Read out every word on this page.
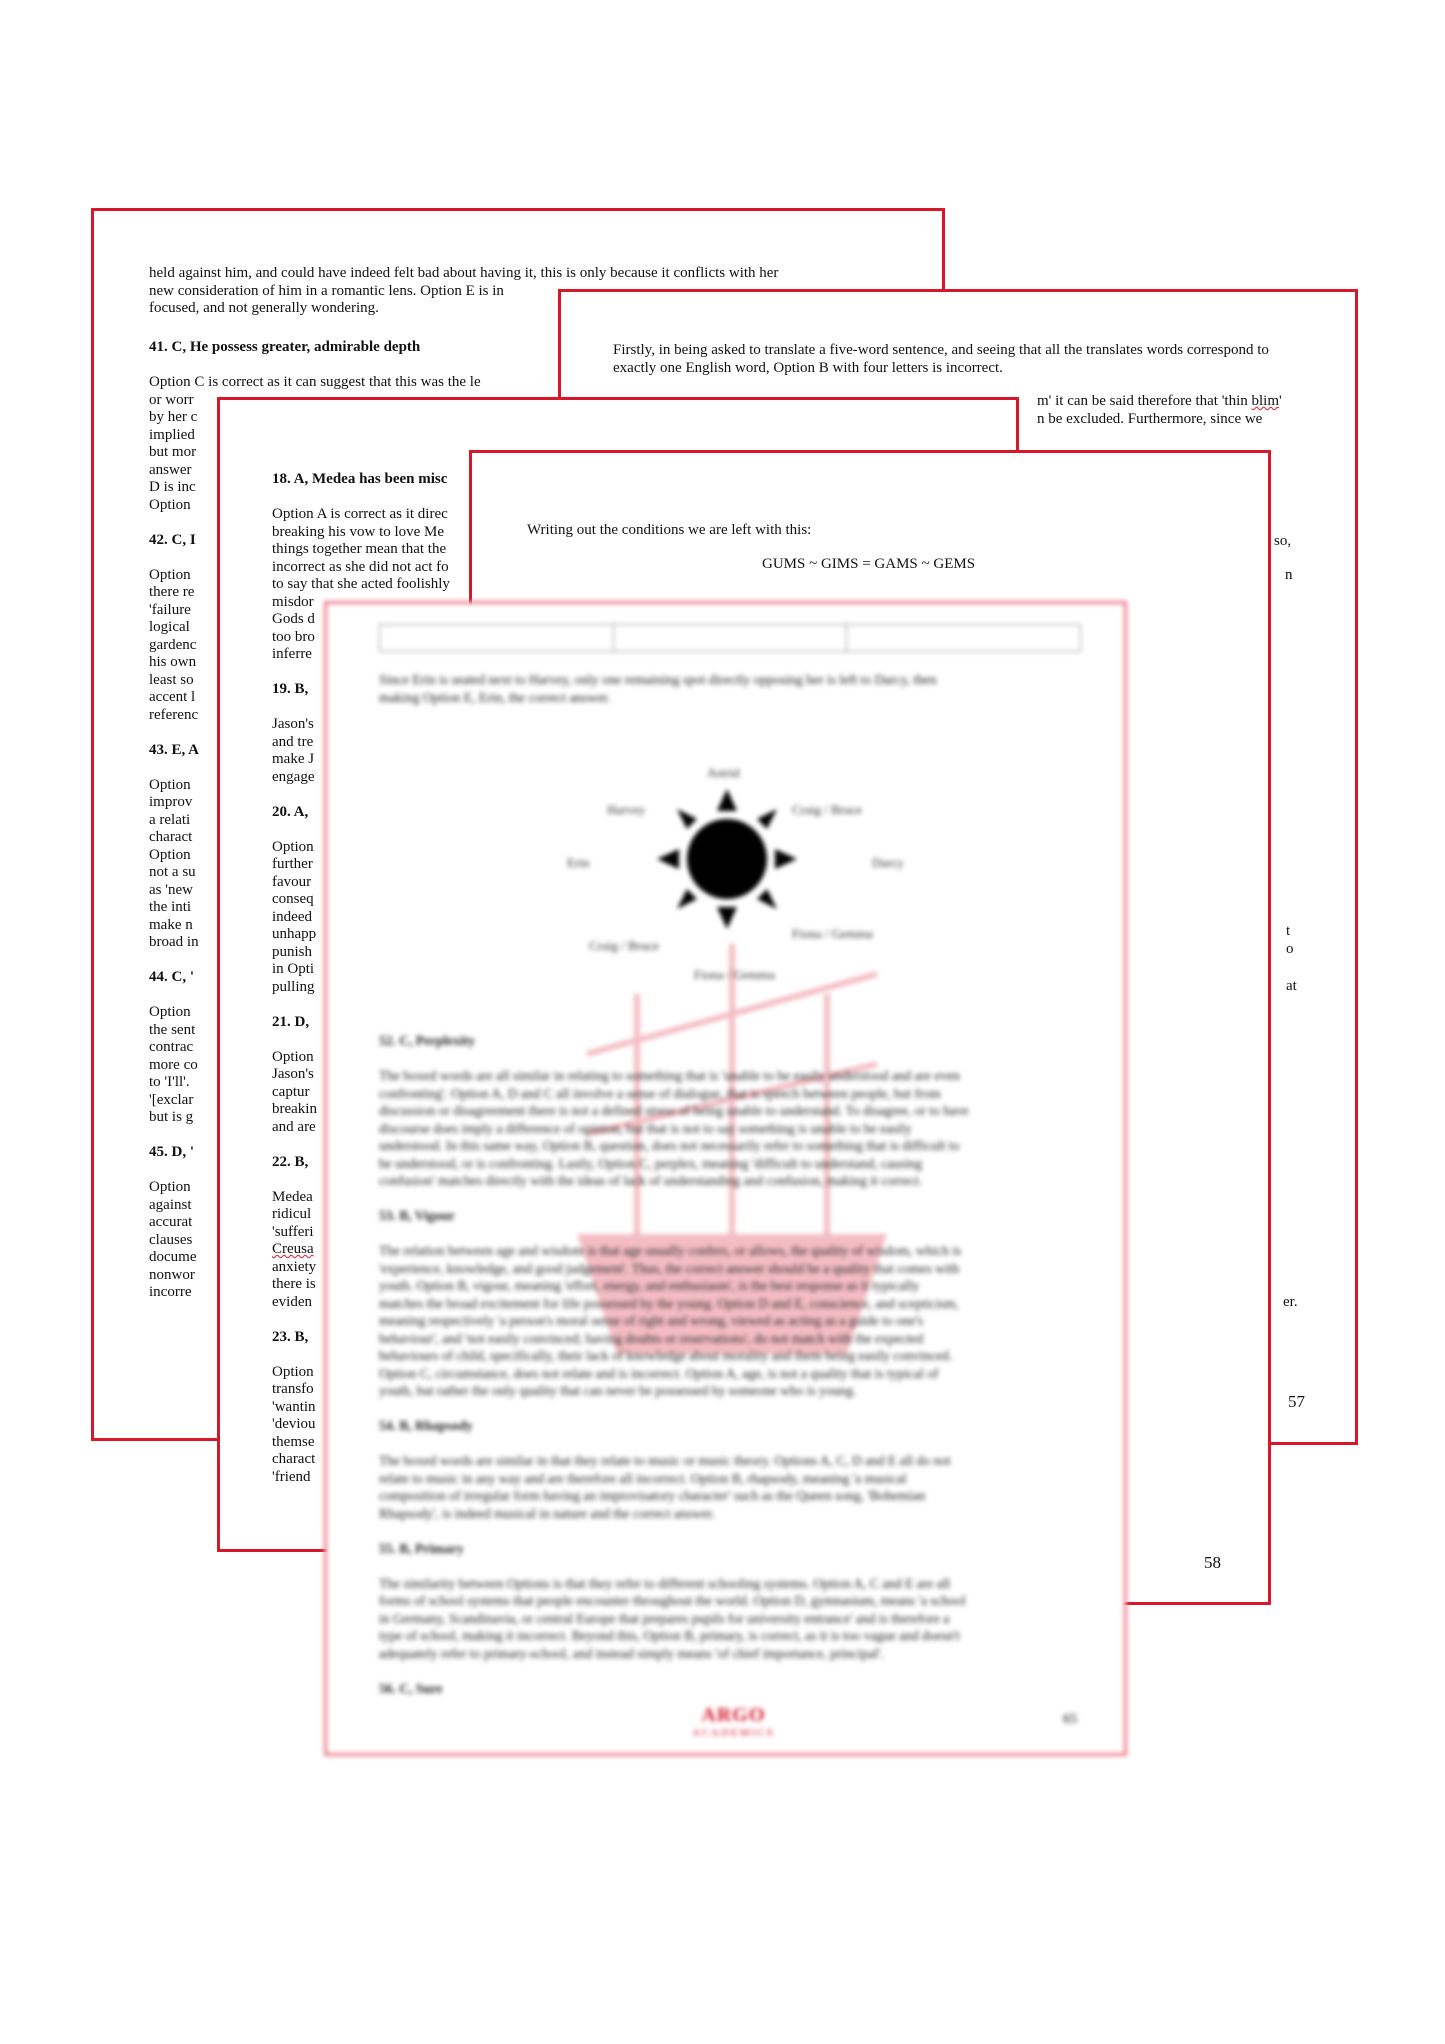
held against him, and could have indeed felt bad about having it, this is only because it conflicts with her

new consideration of him in a romantic lens. Option E is in

focused, and not generally wondering.

41. C, He possess greater, admirable depth

Option C is correct as it can suggest that this was the le

or worr

by her c

implied

but mor

answer

D is inc

Option

42. C, I

Option

there re

'failure

logical

gardenc

his own

least so

accent l

referenc

43. E, A

Option

improv

a relati

charact

Option

not a su

as 'new

the inti

make n

broad in

44. C, '

Option

the sent

contrac

more co

to 'I'll'.

'[exclar

but is g

45. D, '

Option

against

accurat

clauses

docume

nonwor

incorre

Firstly, in being asked to translate a five-word sentence, and seeing that all the translates words correspond to

exactly one English word, Option B with four letters is incorrect.

m' it can be said therefore that 'thin blim'

n be excluded. Furthermore, since we

so,
n

t
o

at

er.
57

18. A, Medea has been misc

Option A is correct as it direc

breaking his vow to love Me

things together mean that the

incorrect as she did not act fo

to say that she acted foolishly

misdor

Gods d

too bro

inferre

19. B,

Jason's

and tre

make J

engage

20. A,

Option

further

favour

conseq

indeed

unhapp

punish

in Opti

pulling

21. D,

Option

Jason's

captur

breakin

and are

22. B,

Medea

ridicul

'sufferi

Creusa

anxiety

there is

eviden

23. B,

Option

transfo

'wantin

'deviou

themse

charact

'friend

Writing out the conditions we are left with this:
GUMS ~ GIMS = GAMS ~ GEMS
58

Since Erin is seated next to Harvey, only one remaining spot directly opposing her is left to Darcy, then

making Option E, Erin, the correct answer.

Astrid
Harvey	Craig / Bruce
Erin	Darcy
Craig / Bruce
Fiona / Gemma
Fiona / Gemma

52. C, Perplexity

The boxed words are all similar in relating to something that is 'unable to be easily understood and are even

confronting'. Option A, D and C all involve a sense of dialogue, that is speech between people, but from

discussion or disagreement there is not a defined stress of being unable to understand. To disagree, or to have

discourse does imply a difference of opinion, but that is not to say something is unable to be easily

understood. In this same way, Option B, question, does not necessarily refer to something that is difficult to

be understood, or is confronting. Lastly, Option C, perplex, meaning 'difficult to understand, causing

confusion' matches directly with the ideas of lack of understanding and confusion, making it correct.

53. B, Vigour

The relation between age and wisdom is that age usually confers, or allows, the quality of wisdom, which is

'experience, knowledge, and good judgement'. Thus, the correct answer should be a quality that comes with

youth. Option B, vigour, meaning 'effort, energy, and enthusiasm', is the best response as it typically

matches the broad excitement for life possessed by the young. Option D and E, conscience, and scepticism,

meaning respectively 'a person's moral sense of right and wrong, viewed as acting as a guide to one's

behaviour', and 'not easily convinced; having doubts or reservations', do not match with the expected

behaviours of child, specifically, their lack of knowledge about morality and them being easily convinced.

Option C, circumstance, does not relate and is incorrect. Option A, age, is not a quality that is typical of

youth, but rather the only quality that can never be possessed by someone who is young.

54. B, Rhapsody

The boxed words are similar in that they relate to music or music theory. Options A, C, D and E all do not

relate to music in any way and are therefore all incorrect. Option B, rhapsody, meaning 'a musical

composition of irregular form having an improvisatory character' such as the Queen song, 'Bohemian

Rhapsody', is indeed musical in nature and the correct answer.

55. B, Primary

The similarity between Options is that they refer to different schooling systems. Option A, C and E are all

forms of school systems that people encounter throughout the world. Option D, gymnasium, means 'a school

in Germany, Scandinavia, or central Europe that prepares pupils for university entrance' and is therefore a

type of school, making it incorrect. Beyond this, Option B, primary, is correct, as it is too vague and doesn't

adequately refer to primary-school, and instead simply means 'of chief importance, principal'.

56. C, Sure

ARGO
ACADEMICS
65
